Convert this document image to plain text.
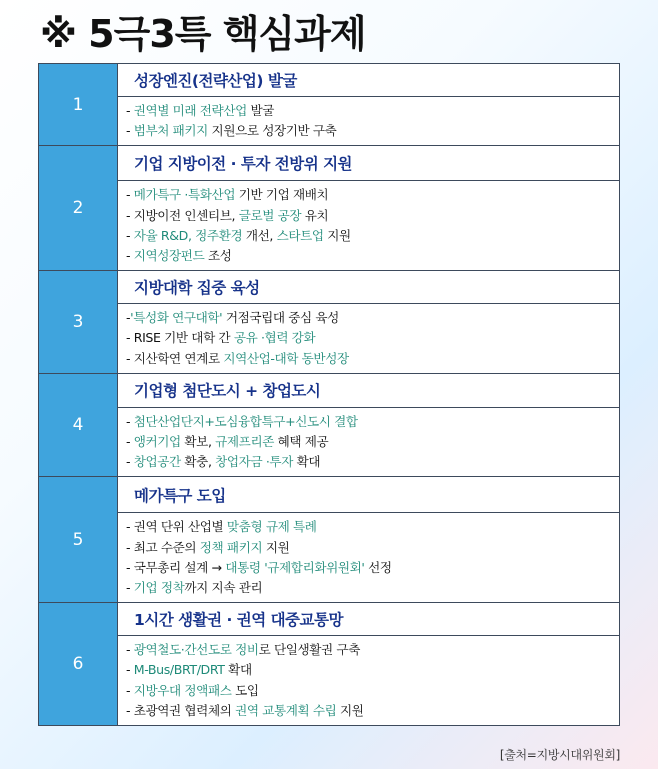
※ 5극3특 핵심과제
1	성장엔진(전략산업) 발굴

	- 권역별 미래 전략산업 발굴
- 범부처 패키지 지원으로 성장기반 구축

2	기업 지방이전 · 투자 전방위 지원

	- 메가특구 ·특화산업 기반 기업 재배치
- 지방이전 인센티브, 글로벌 공장 유치
- 자율 R&D, 정주환경 개선, 스타트업 지원
- 지역성장펀드 조성

3	지방대학 집중 육성

	-'특성화 연구대학' 거점국립대 중심 육성
- RISE 기반 대학 간 공유 ·협력 강화
- 지산학연 연계로 지역산업-대학 동반성장

4	기업형 첨단도시 + 창업도시

	- 첨단산업단지+도심융합특구+신도시 결합
- 앵커기업 확보, 규제프리존 혜택 제공
- 창업공간 확충, 창업자금 ·투자 확대

5	메가특구 도입

	- 권역 단위 산업별 맞춤형 규제 특례
- 최고 수준의 정책 패키지 지원
- 국무총리 설계 → 대통령 '규제합리화위원회' 선정
- 기업 정착까지 지속 관리

6	1시간 생활권 · 권역 대중교통망

	- 광역철도·간선도로 정비로 단일생활권 구축
- M-Bus/BRT/DRT 확대
- 지방우대 정액패스 도입
- 초광역권 협력체의 권역 교통계획 수립 지원
[출처=지방시대위원회]
